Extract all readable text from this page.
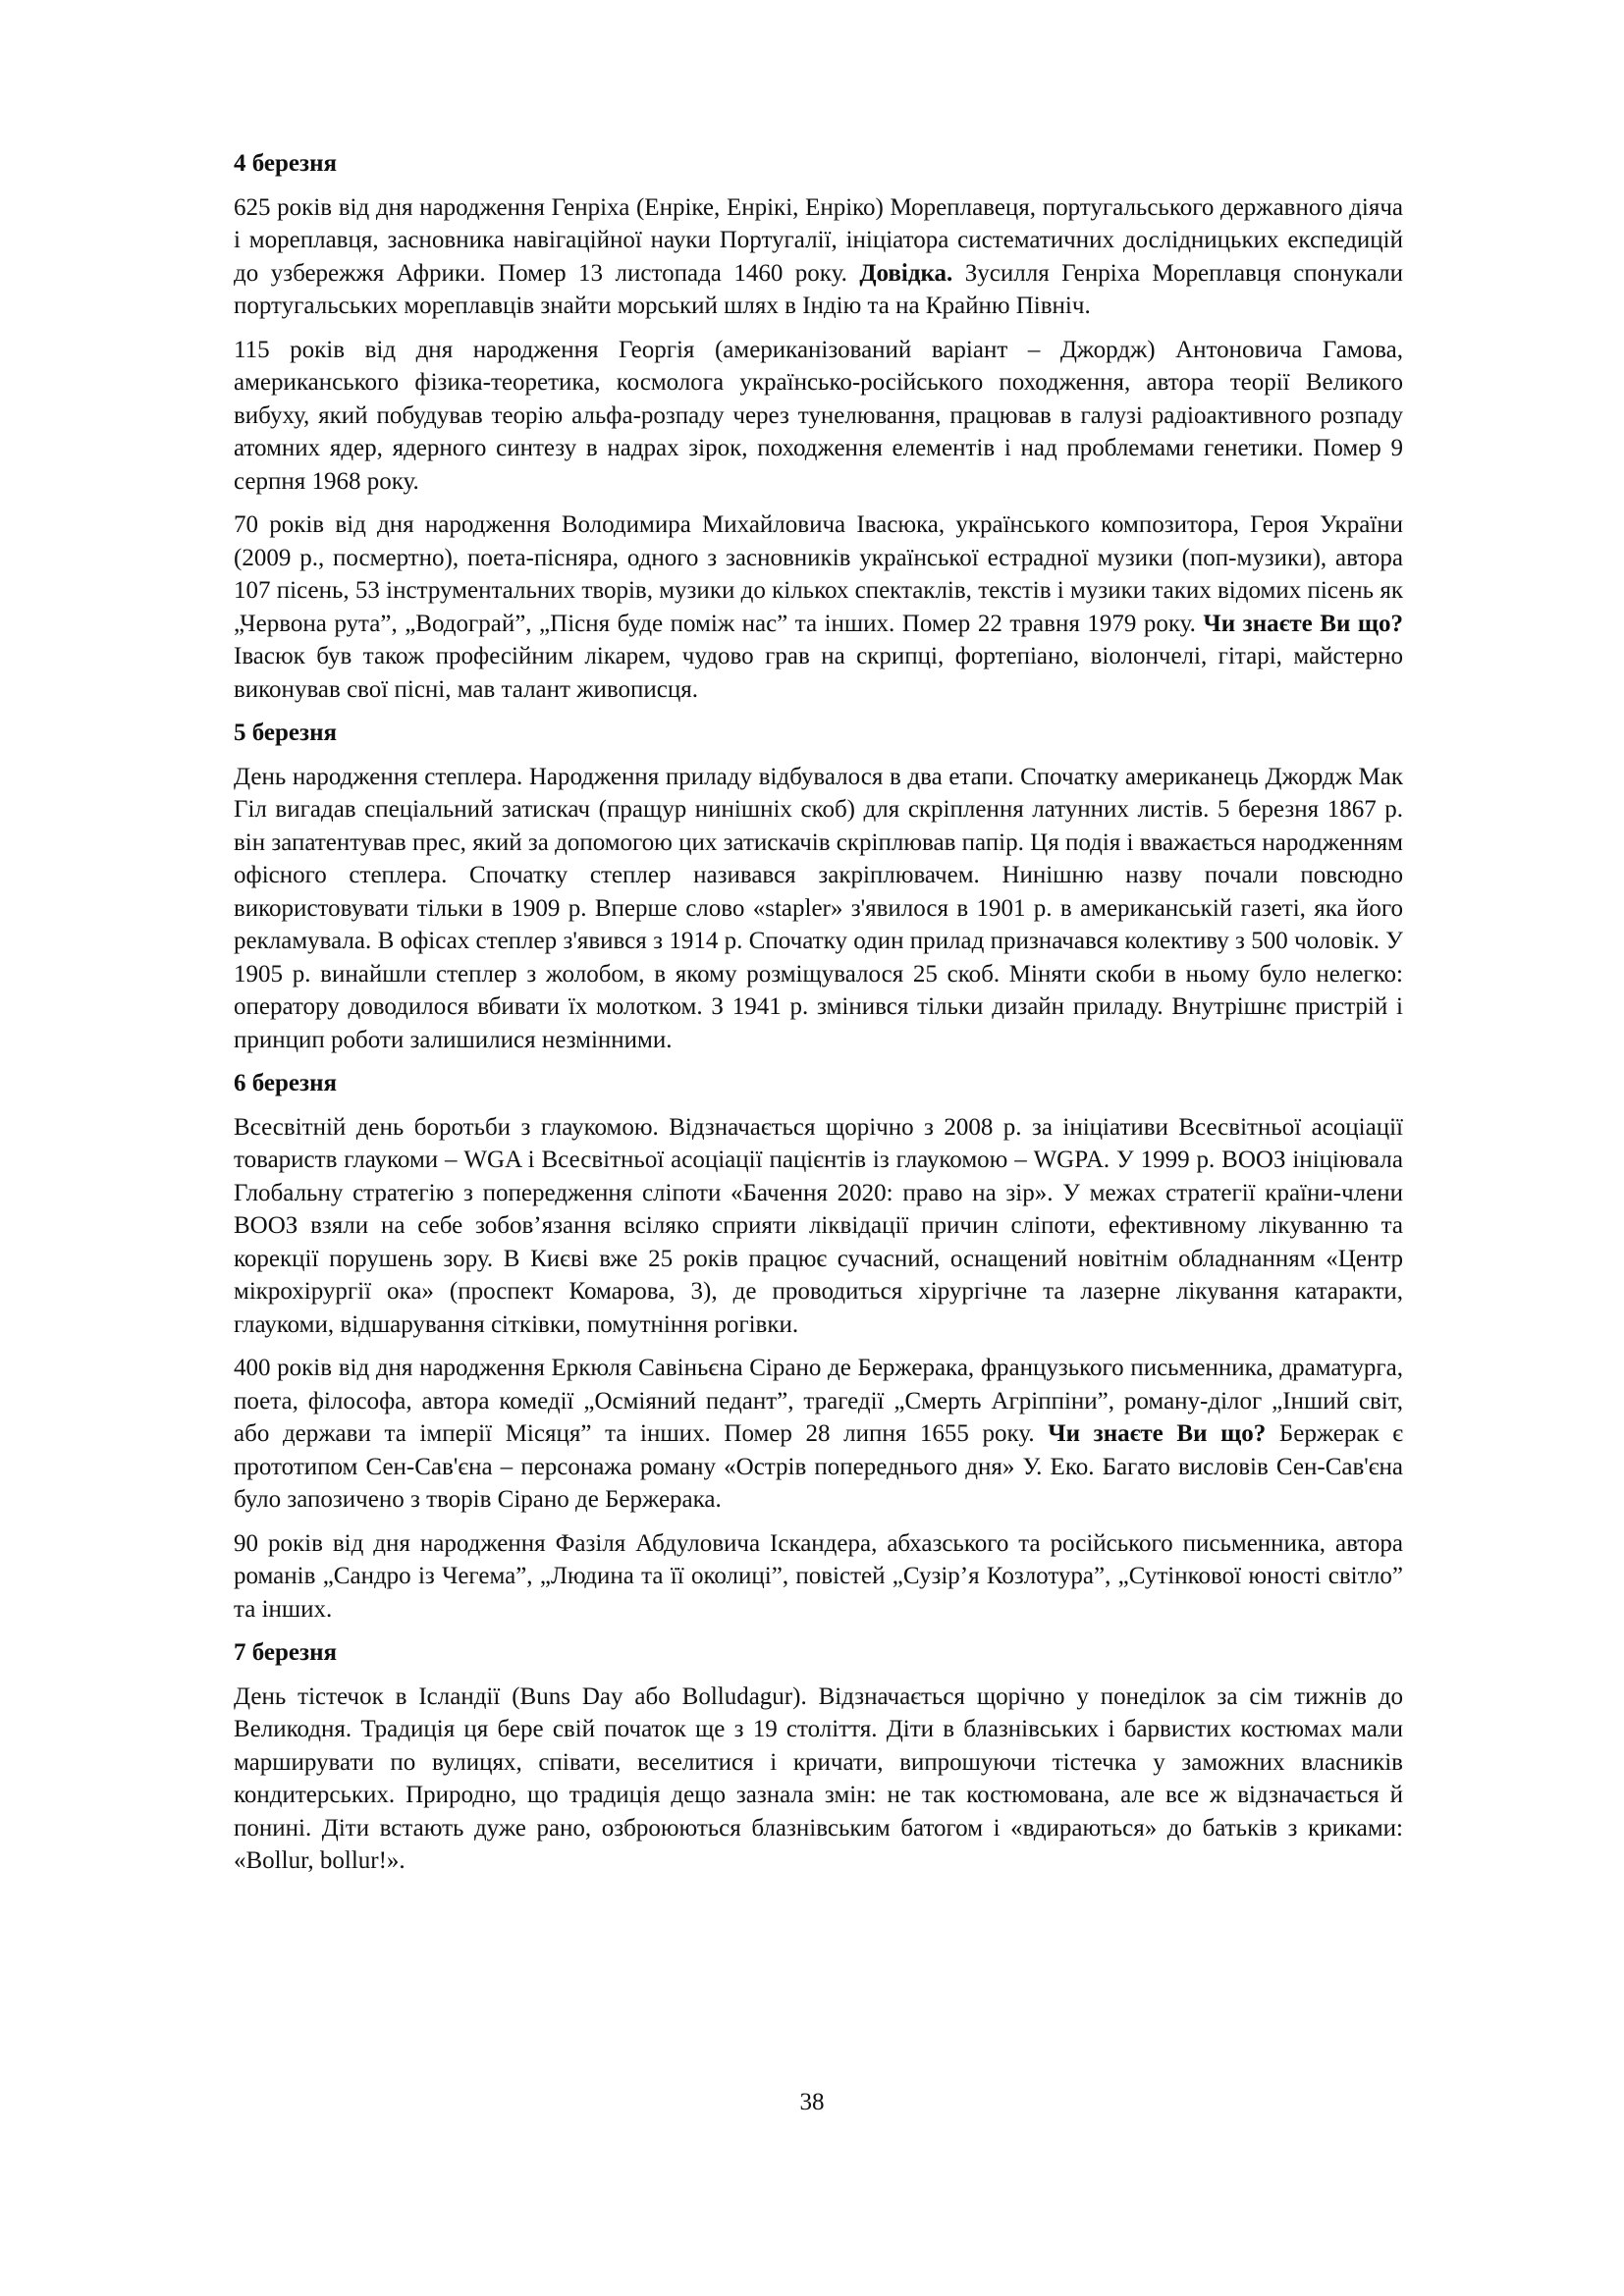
4 березня

625 років від дня народження Генріха (Енріке, Енрікі, Енріко) Мореплавеця, португальського державного діяча і мореплавця, засновника навігаційної науки Португалії, ініціатора систематичних дослідницьких експедицій до узбережжя Африки. Помер 13 листопада 1460 року. Довідка. Зусилля Генріха Мореплавця спонукали португальських мореплавців знайти морський шлях в Індію та на Крайню Північ.

115 років від дня народження Георгія (американізований варіант – Джордж) Антоновича Гамова, американського фізика-теоретика, космолога українсько-російського походження, автора теорії Великого вибуху, який побудував теорію альфа-розпаду через тунелювання, працював в галузі радіоактивного розпаду атомних ядер, ядерного синтезу в надрах зірок, походження елементів і над проблемами генетики. Помер 9 серпня 1968 року.

70 років від дня народження Володимира Михайловича Івасюка, українського композитора, Героя України (2009 р., посмертно), поета-пісняра, одного з засновників української естрадної музики (поп-музики), автора 107 пісень, 53 інструментальних творів, музики до кількох спектаклів, текстів і музики таких відомих пісень як „Червона рута”, „Водограй”, „Пісня буде поміж нас” та інших. Помер 22 травня 1979 року. Чи знаєте Ви що? Івасюк був також професійним лікарем, чудово грав на скрипці, фортепіано, віолончелі, гітарі, майстерно виконував свої пісні, мав талант живописця.

5 березня

День народження степлера. Народження приладу відбувалося в два етапи. Спочатку американець Джордж Мак Гіл вигадав спеціальний затискач (пращур нинішніх скоб) для скріплення латунних листів. 5 березня 1867 р. він запатентував прес, який за допомогою цих затискачів скріплював папір. Ця подія і вважається народженням офісного степлера. Спочатку степлер називався закріплювачем. Нинішню назву почали повсюдно використовувати тільки в 1909 р. Вперше слово «stapler» з'явилося в 1901 р. в американській газеті, яка його рекламувала. В офісах степлер з'явився з 1914 р. Спочатку один прилад призначався колективу з 500 чоловік. У 1905 р. винайшли степлер з жолобом, в якому розміщувалося 25 скоб. Міняти скоби в ньому було нелегко: оператору доводилося вбивати їх молотком. З 1941 р. змінився тільки дизайн приладу. Внутрішнє пристрій і принцип роботи залишилися незмінними.

6 березня

Всесвітній день боротьби з глаукомою. Відзначається щорічно з 2008 р. за ініціативи Всесвітньої асоціації товариств глаукоми – WGA і Всесвітньої асоціації пацієнтів із глаукомою – WGPA. У 1999 р. ВООЗ ініціювала Глобальну стратегію з попередження сліпоти «Бачення 2020: право на зір». У межах стратегії країни-члени ВООЗ взяли на себе зобов’язання всіляко сприяти ліквідації причин сліпоти, ефективному лікуванню та корекції порушень зору. В Києві вже 25 років працює сучасний, оснащений новітнім обладнанням «Центр мікрохірургії ока» (проспект Комарова, 3), де проводиться хірургічне та лазерне лікування катаракти, глаукоми, відшарування сітківки, помутніння рогівки.

400 років від дня народження Еркюля Савіньєна Сірано де Бержерака, французького письменника, драматурга, поета, філософа, автора комедії „Осміяний педант”, трагедії „Смерть Агріппіни”, роману-ділог „Інший світ, або держави та імперії Місяця” та інших. Помер 28 липня 1655 року. Чи знаєте Ви що? Бержерак є прототипом Сен-Сав'єна – персонажа роману «Острів попереднього дня» У. Еко. Багато висловів Сен-Сав'єна було запозичено з творів Сірано де Бержерака.

90 років від дня народження Фазіля Абдуловича Іскандера, абхазського та російського письменника, автора романів „Сандро із Чегема”, „Людина та її околиці”, повістей „Сузір’я Козлотура”, „Сутінкової юності світло” та інших.

7 березня

День тістечок в Ісландії (Buns Day або Bolludagur). Відзначається щорічно у понеділок за сім тижнів до Великодня. Традиція ця бере свій початок ще з 19 століття. Діти в блазнівських і барвистих костюмах мали марширувати по вулицях, співати, веселитися і кричати, випрошуючи тістечка у заможних власників кондитерських. Природно, що традиція дещо зазнала змін: не так костюмована, але все ж відзначається й понині. Діти встають дуже рано, озброюються блазнівським батогом і «вдираються» до батьків з криками: «Bollur, bollur!».

38
